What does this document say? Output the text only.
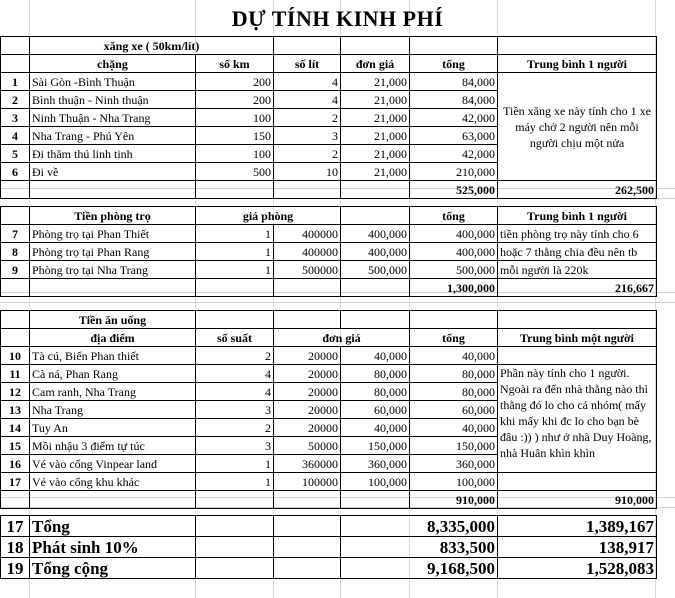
DỰ TÍNH KINH PHÍ
	xăng xe ( 50km/lít)					
	chặng	số km	số lít	đơn giá	tổng	Trung bình 1 người
1	Sài Gòn -Bình Thuận	200	4	21,000	84,000	Tiền xăng xe này tính cho 1 xe máy chở 2 người nên mỗi người chịu một nửa
2	Bình thuận - Ninh thuận	200	4	21,000	84,000	
3	Ninh Thuận - Nha Trang	100	2	21,000	42,000	
4	Nha Trang - Phú Yên	150	3	21,000	63,000	
5	Đi thăm thú linh tinh	100	2	21,000	42,000	
6	Đi về	500	10	21,000	210,000	
					525,000	262,500
	Tiền phòng trọ	giá phòng			tổng	Trung bình 1 người
7	Phòng trọ tại Phan Thiết	1	400000	400,000	400,000	tiền phòng trọ này tính cho 6
8	Phòng trọ tại Phan Rang	1	400000	400,000	400,000	hoặc 7 thằng chia đều nên tb
9	Phòng trọ tại Nha Trang	1	500000	500,000	500,000	mỗi người là 220k
					1,300,000	216,667
	Tiền ăn uống					
	địa điểm	số suất	đơn giá		tổng	Trung bình một người
10	Tà cú, Biển Phan thiết	2	20000	40,000	40,000	
11	Cà ná, Phan Rang	4	20000	80,000	80,000	Phần này tính cho 1 người. Ngoài ra đến nhà thằng nào thì thằng đó lo cho cả nhóm( mấy khi mấy khi đc lo cho bạn bè đâu :)) ) như ở nhà Duy Hoàng, nhà Huân khìn khìn
12	Cam ranh, Nha Trang	4	20000	80,000	80,000	
13	Nha Trang	3	20000	60,000	60,000	
14	Tuy An	2	20000	40,000	40,000	
15	Mồi nhậu 3 điểm tự túc	3	50000	150,000	150,000	
16	Vé vào cổng Vinpear land	1	360000	360,000	360,000	
17	Vé vào cổng khu khác	1	100000	100,000	100,000	
					910,000	910,000
17	Tổng			8,335,000	1,389,167
18	Phát sinh 10%			833,500	138,917
19	Tổng cộng			9,168,500	1,528,083
